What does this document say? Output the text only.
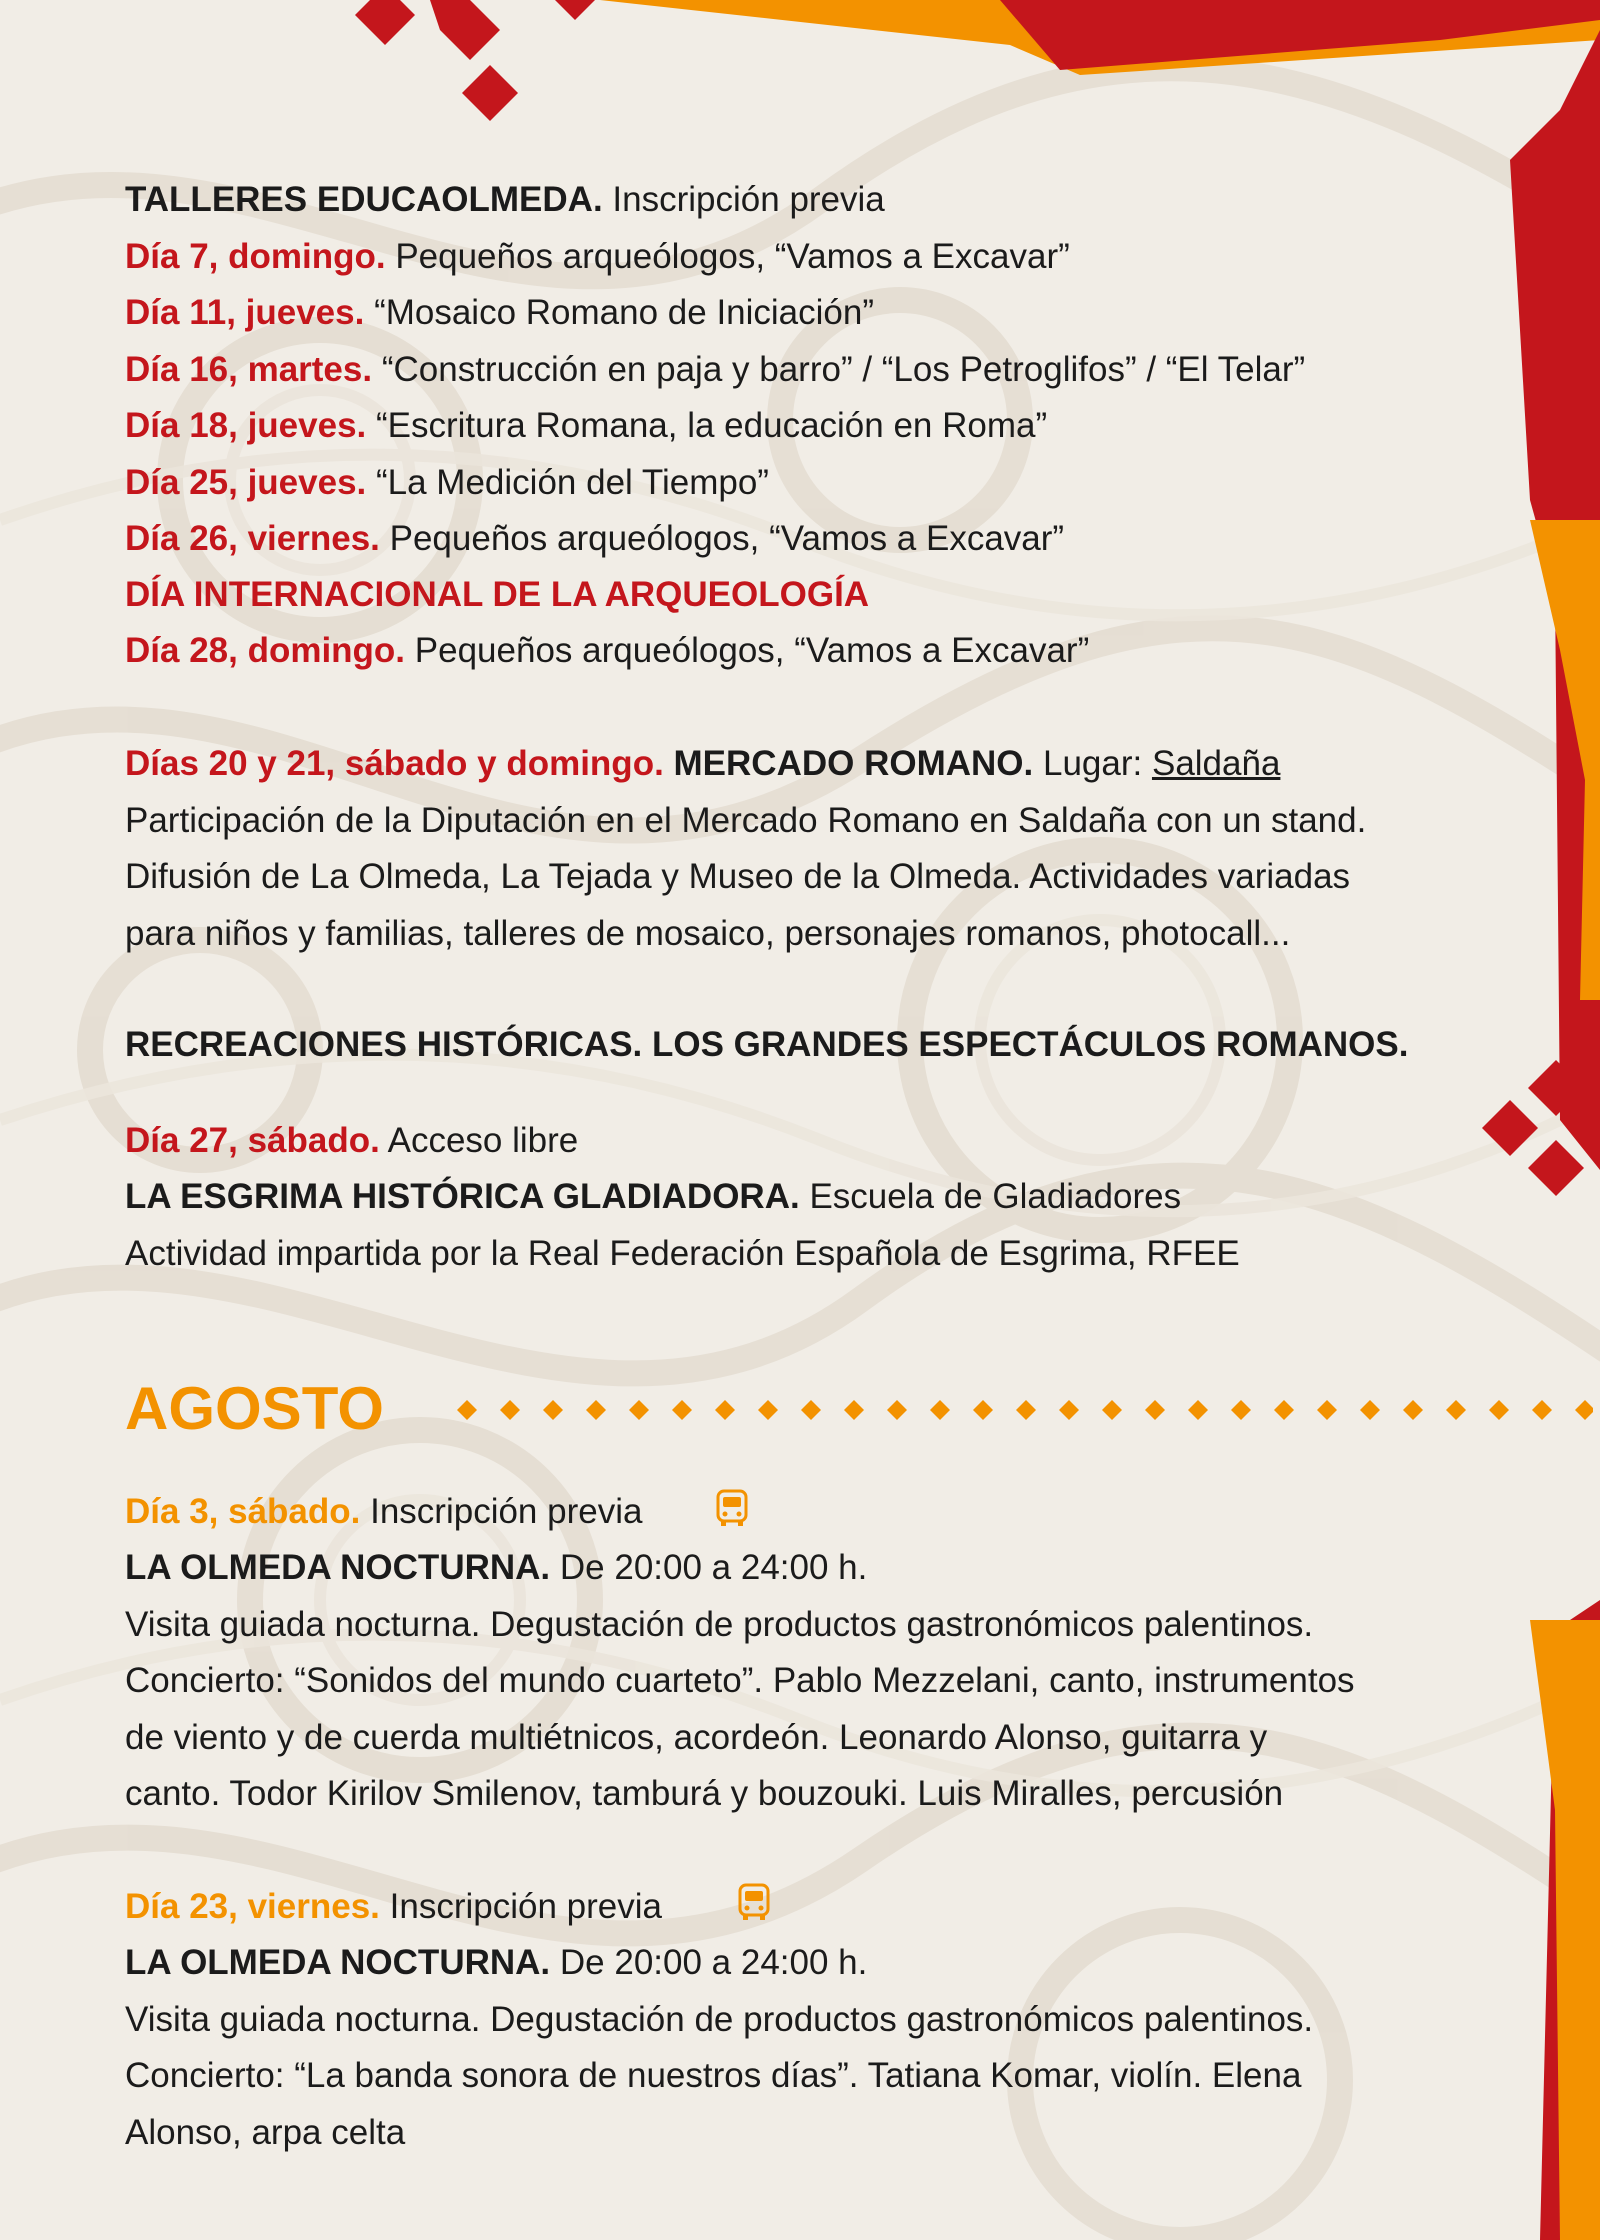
TALLERES EDUCAOLMEDA. Inscripción previa
Día 7, domingo. Pequeños arqueólogos, “Vamos a Excavar”
Día 11, jueves. “Mosaico Romano de Iniciación”
Día 16, martes. “Construcción en paja y barro” / “Los Petroglifos” / “El Telar”
Día 18, jueves. “Escritura Romana, la educación en Roma”
Día 25, jueves. “La Medición del Tiempo”
Día 26, viernes. Pequeños arqueólogos, “Vamos a Excavar”
DÍA INTERNACIONAL DE LA ARQUEOLOGÍA
Día 28, domingo. Pequeños arqueólogos, “Vamos a Excavar”
Días 20 y 21, sábado y domingo. MERCADO ROMANO. Lugar: Saldaña
Participación de la Diputación en el Mercado Romano en Saldaña con un stand.
Difusión de La Olmeda, La Tejada y Museo de la Olmeda. Actividades variadas
para niños y familias, talleres de mosaico, personajes romanos, photocall...
RECREACIONES HISTÓRICAS. LOS GRANDES ESPECTÁCULOS ROMANOS.
Día 27, sábado. Acceso libre
LA ESGRIMA HISTÓRICA GLADIADORA. Escuela de Gladiadores
Actividad impartida por la Real Federación Española de Esgrima, RFEE
AGOSTO
Día 3, sábado. Inscripción previa
LA OLMEDA NOCTURNA. De 20:00 a 24:00 h.
Visita guiada nocturna. Degustación de productos gastronómicos palentinos.
Concierto: “Sonidos del mundo cuarteto”. Pablo Mezzelani, canto, instrumentos
de viento y de cuerda multiétnicos, acordeón. Leonardo Alonso, guitarra y
canto. Todor Kirilov Smilenov, tamburá y bouzouki. Luis Miralles, percusión
Día 23, viernes. Inscripción previa
LA OLMEDA NOCTURNA. De 20:00 a 24:00 h.
Visita guiada nocturna. Degustación de productos gastronómicos palentinos.
Concierto: “La banda sonora de nuestros días”. Tatiana Komar, violín. Elena
Alonso, arpa celta
